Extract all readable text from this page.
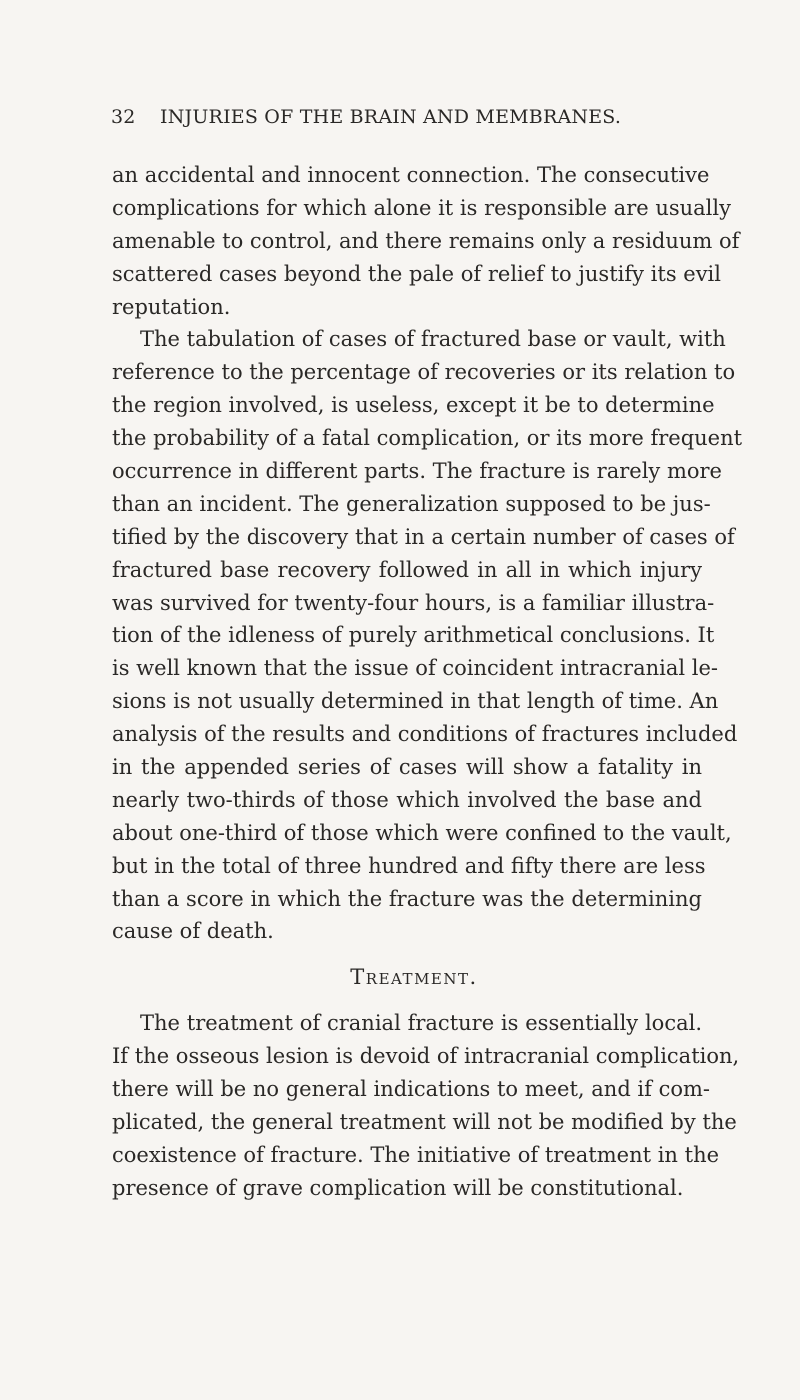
32 INJURIES OF THE BRAIN AND MEMBRANES.
an accidental and innocent connection. The consecutive
complications for which alone it is responsible are usually
amenable to control, and there remains only a residuum of
scattered cases beyond the pale of relief to justify its evil
reputation.
The tabulation of cases of fractured base or vault, with
reference to the percentage of recoveries or its relation to
the region involved, is useless, except it be to determine
the probability of a fatal complication, or its more frequent
occurrence in different parts. The fracture is rarely more
than an incident. The generalization supposed to be jus-
tified by the discovery that in a certain number of cases of
fractured base recovery followed in all in which injury
was survived for twenty-four hours, is a familiar illustra-
tion of the idleness of purely arithmetical conclusions. It
is well known that the issue of coincident intracranial le-
sions is not usually determined in that length of time. An
analysis of the results and conditions of fractures included
in the appended series of cases will show a fatality in
nearly two-thirds of those which involved the base and
about one-third of those which were confined to the vault,
but in the total of three hundred and fifty there are less
than a score in which the fracture was the determining
cause of death.
Treatment.
The treatment of cranial fracture is essentially local.
If the osseous lesion is devoid of intracranial complication,
there will be no general indications to meet, and if com-
plicated, the general treatment will not be modified by the
coexistence of fracture. The initiative of treatment in the
presence of grave complication will be constitutional.
